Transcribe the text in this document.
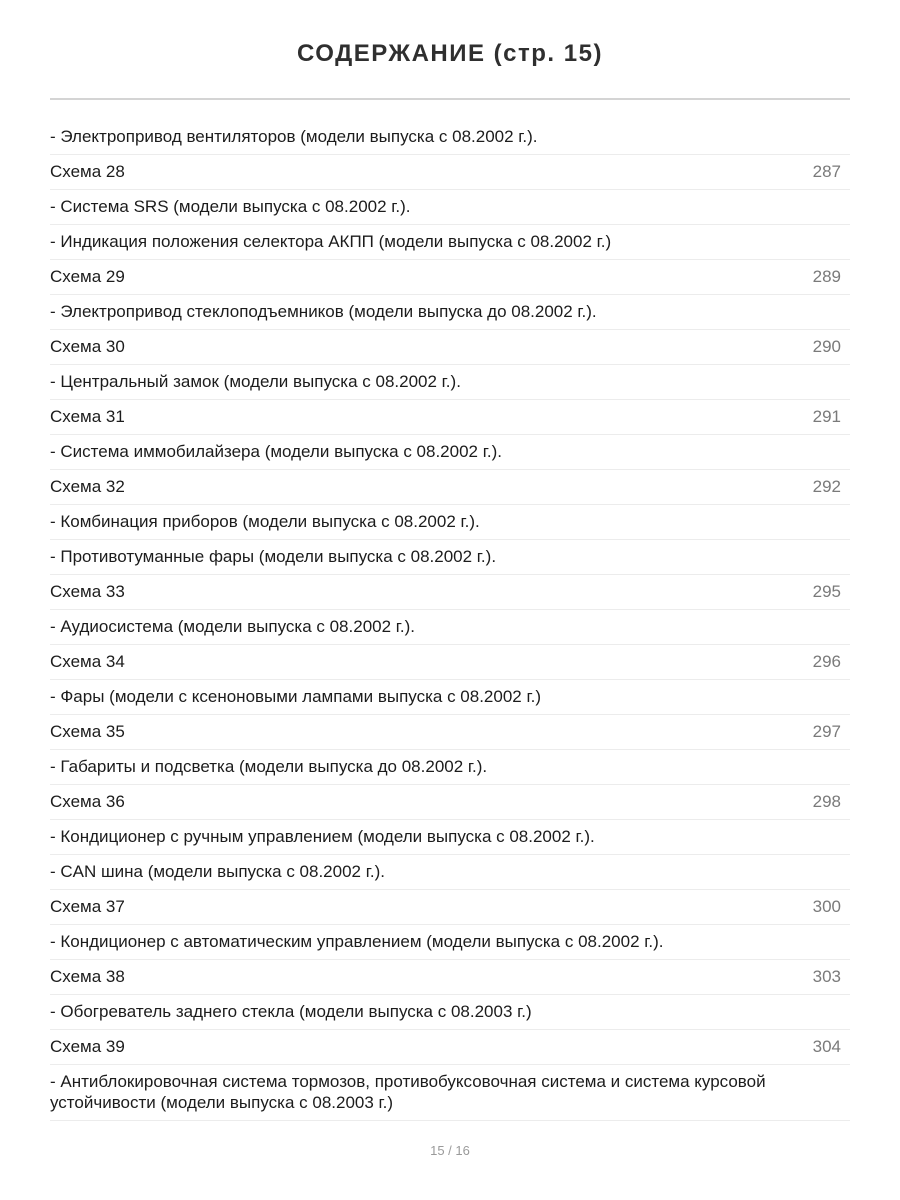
СОДЕРЖАНИЕ (стр. 15)
- Электропривод вентиляторов (модели выпуска с 08.2002 г.).
Схема 28	287
- Система SRS (модели выпуска с 08.2002 г.).
- Индикация положения селектора АКПП (модели выпуска с 08.2002 г.)
Схема 29	289
- Электропривод стеклоподъемников (модели выпуска до 08.2002 г.).
Схема 30	290
- Центральный замок (модели выпуска с 08.2002 г.).
Схема 31	291
- Система иммобилайзера (модели выпуска с 08.2002 г.).
Схема 32	292
- Комбинация приборов (модели выпуска с 08.2002 г.).
- Противотуманные фары (модели выпуска с 08.2002 г.).
Схема 33	295
- Аудиосистема (модели выпуска с 08.2002 г.).
Схема 34	296
- Фары (модели с ксеноновыми лампами выпуска с 08.2002 г.)
Схема 35	297
- Габариты и подсветка (модели выпуска до 08.2002 г.).
Схема 36	298
- Кондиционер с ручным управлением (модели выпуска с 08.2002 г.).
- CAN шина (модели выпуска с 08.2002 г.).
Схема 37	300
- Кондиционер с автоматическим управлением (модели выпуска с 08.2002 г.).
Схема 38	303
- Обогреватель заднего стекла (модели выпуска с 08.2003 г.)
Схема 39	304
- Антиблокировочная система тормозов, противобуксовочная система и система курсовой устойчивости (модели выпуска с 08.2003 г.)
15 / 16
